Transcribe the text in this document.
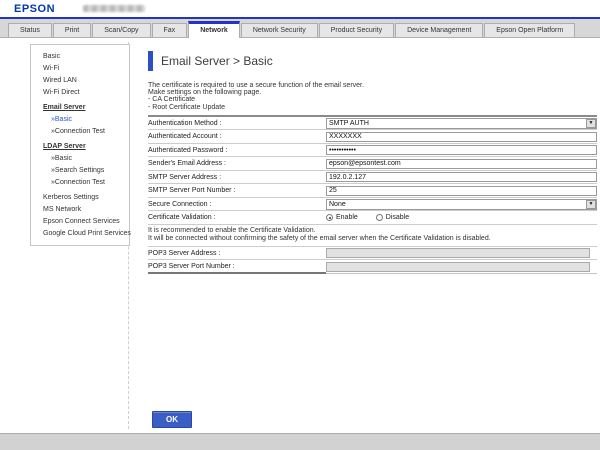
EPSON
Status	Print	Scan/Copy	Fax	Network	Network Security	Product Security	Device Management	Epson Open Platform
Basic
Wi-Fi
Wired LAN
Wi-Fi Direct
Email Server
»Basic
»Connection Test
LDAP Server
»Basic
»Search Settings
»Connection Test
Kerberos Settings
MS Network
Epson Connect Services
Google Cloud Print Services
Email Server > Basic
The certificate is required to use a secure function of the email server.
Make settings on the following page.
- CA Certificate
- Root Certificate Update
Authentication Method :	SMTP AUTH	▼
Authenticated Account :
XXXXXXX
Authenticated Password :
•••••••••••
Sender's Email Address :
epson@epsontest.com
SMTP Server Address :
192.0.2.127
SMTP Server Port Number :
25
Secure Connection :	None	▼
Certificate Validation :	Enable	Disable
It is recommended to enable the Certificate Validation.
It will be connected without confirming the safety of the email server when the Certificate Validation is disabled.
POP3 Server Address :
POP3 Server Port Number :
OK
